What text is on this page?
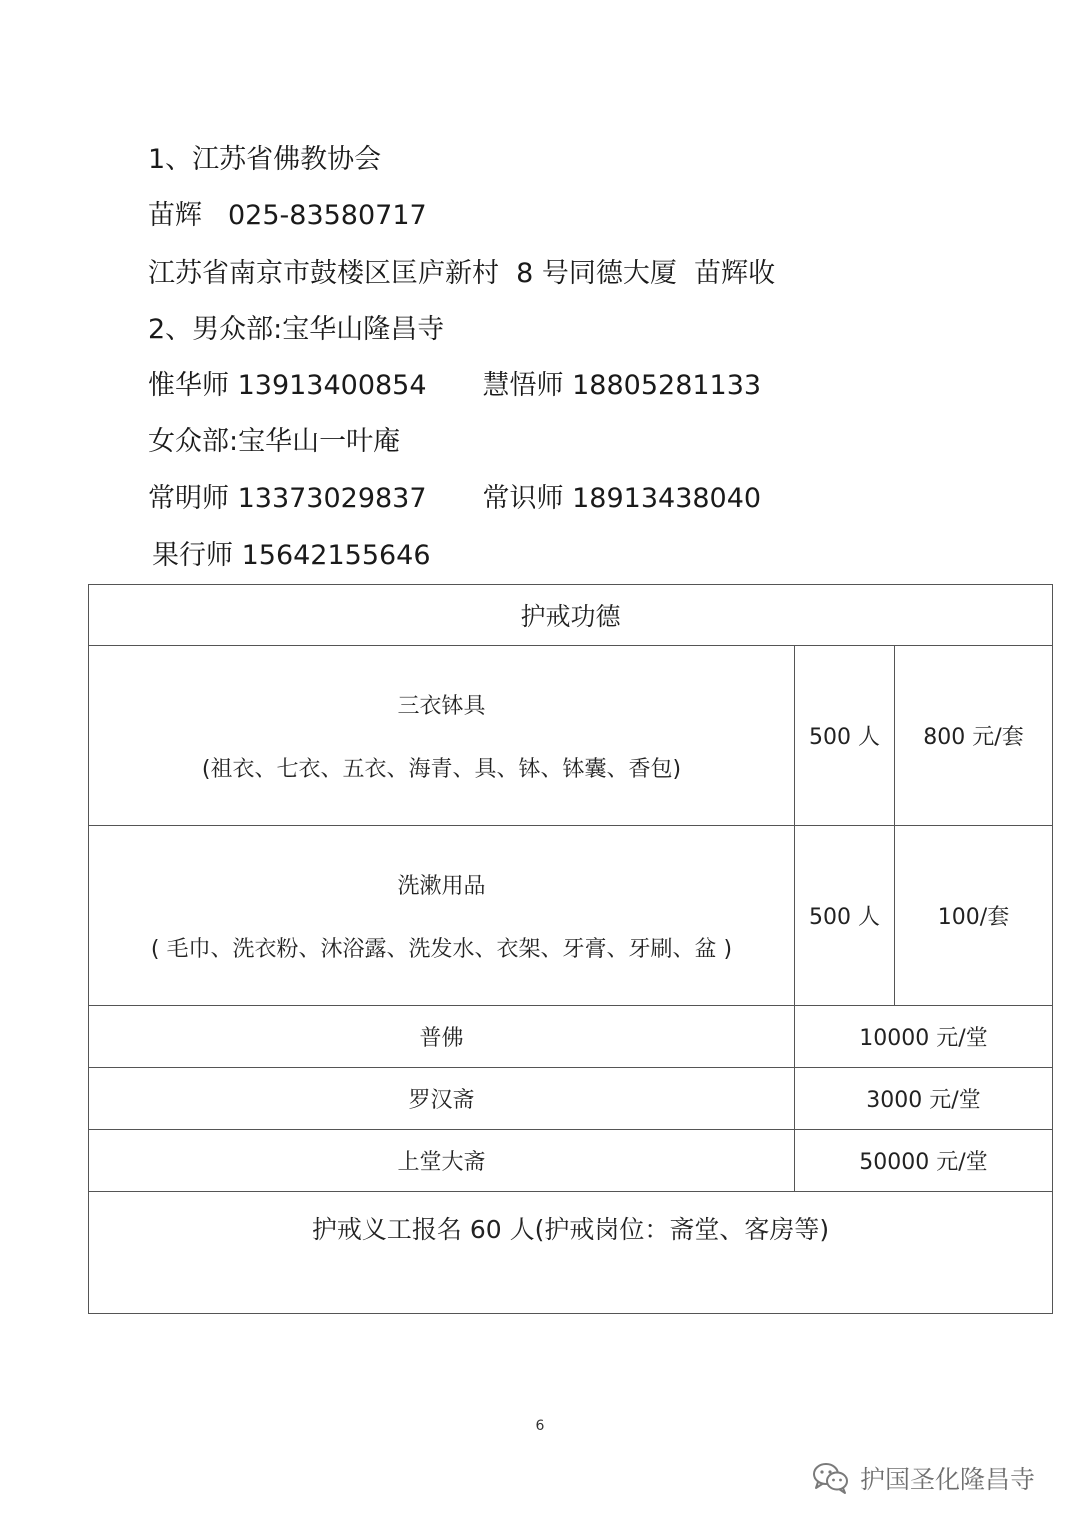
1、江苏省佛教协会
苗辉 025-83580717
江苏省南京市鼓楼区匡庐新村  8 号同德大厦  苗辉收
2、男众部:宝华山隆昌寺
惟华师 13913400854 慧悟师 18805281133
女众部:宝华山一叶庵
常明师 13373029837 常识师 18913438040
果行师 15642155646
护戒功德		

三衣钵具
(祖衣、七衣、五衣、海青、具、钵、钵囊、香包)	500 人	800 元/套

洗漱用品
( 毛巾、洗衣粉、沐浴露、洗发水、衣架、牙膏、牙刷、盆 )	500 人	100/套
普佛	10000 元/堂	
罗汉斋	3000 元/堂	
上堂大斋	50000 元/堂	

护戒义工报名 60 人(护戒岗位：斋堂、客房等)		
6
护国圣化隆昌寺
